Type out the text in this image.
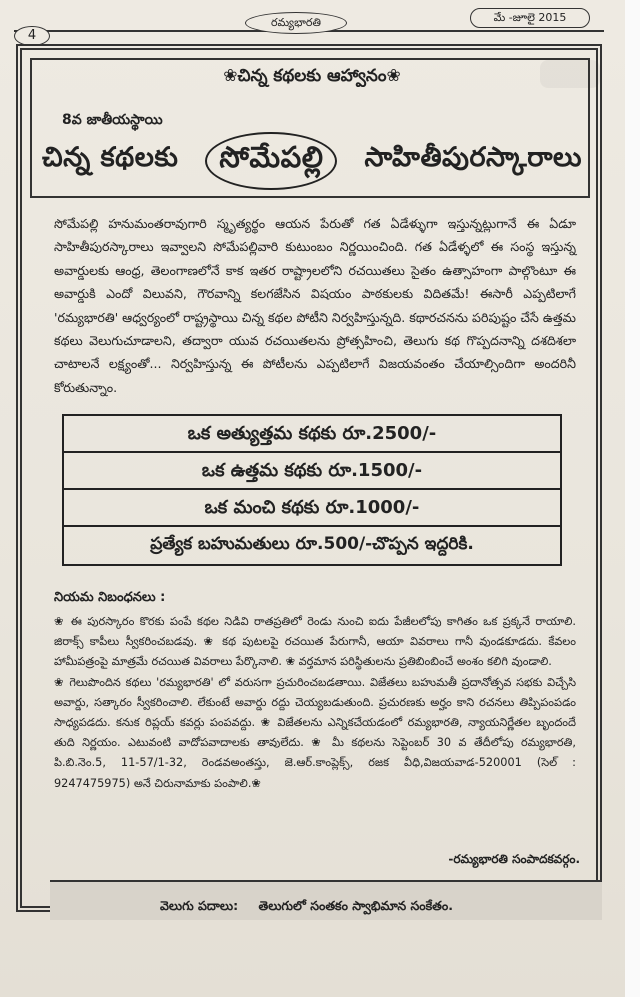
4
రమ్యభారతి	మే -జూలై 2015
❀చిన్న కథలకు ఆహ్వానం❀
8వ జాతీయస్థాయి
చిన్న కథలకు	సోమేపల్లి	సాహితీపురస్కారాలు
సోమేపల్లి హనుమంతరావుగారి స్మృత్యర్థం ఆయన పేరుతో గత ఏడేళ్ళుగా ఇస్తున్నట్లుగానే ఈ ఏడూ సాహితీపురస్కారాలు ఇవ్వాలని సోమేపల్లివారి కుటుంబం నిర్ణయించింది. గత ఏడేళ్ళలో ఈ సంస్థ ఇస్తున్న అవార్డులకు ఆంధ్ర, తెలంగాణలోనే కాక ఇతర రాష్ట్రాలలోని రచయితలు సైతం ఉత్సాహంగా పాల్గొంటూ ఈ అవార్డుకి ఎందో విలువని, గౌరవాన్ని కలగజేసిన విషయం పాఠకులకు విదితమే! ఈసారీ ఎప్పటిలాగే 'రమ్యభారతి' ఆధ్వర్యంలో రాష్ట్రస్థాయి చిన్న కథల పోటీని నిర్వహిస్తున్నది. కథారచనను పరిపుష్టం చేసే ఉత్తమ కథలు వెలుగుచూడాలని, తద్వారా యువ రచయితలను ప్రోత్సహించి, తెలుగు కథ గొప్పదనాన్ని దశదిశలా చాటాలనే లక్ష్యంతో... నిర్వహిస్తున్న ఈ పోటీలను ఎప్పటిలాగే విజయవంతం చేయాల్సిందిగా అందరినీ కోరుతున్నాం.
ఒక అత్యుత్తమ కథకు రూ.2500/-
ఒక ఉత్తమ కథకు రూ.1500/-
ఒక మంచి కథకు రూ.1000/-
ప్రత్యేక బహుమతులు రూ.500/-చొప్పన ఇద్దరికి.
నియమ నిబంధనలు :

❀ ఈ పురస్కారం కొరకు పంపే కథల నిడివి రాతప్రతిలో రెండు నుంచి ఐదు పేజీలలోపు కాగితం ఒక ప్రక్కనే రాయాలి. జిరాక్స్ కాపీలు స్వీకరించబడవు. ❀ కథ పుటలపై రచయిత పేరుగానీ, ఆయా వివరాలు గానీ వుండకూడదు. కేవలం హామీపత్రంపై మాత్రమే రచయిత వివరాలు పేర్కొనాలి. ❀ వర్తమాన పరిస్థితులను ప్రతిబింబించే అంశం కలిగి వుండాలి.

❀ గెలుపొందిన కథలు 'రమ్యభారతి' లో వరుసగా ప్రచురించబడతాయి. విజేతలు బహుమతీ ప్రదానోత్సవ సభకు విచ్చేసి అవార్డు, సత్కారం స్వీకరించాలి. లేకుంటే అవార్డు రద్దు చెయ్యబడుతుంది. ప్రచురణకు అర్హం కాని రచనలు తిప్పిపంపడం సాధ్యపడదు. కనుక రిప్లయ్ కవర్లు పంపవద్దు. ❀ విజేతలను ఎన్నికచేయడంలో రమ్యభారతి, న్యాయనిర్ణేతల బృందందే తుది నిర్ణయం. ఎటువంటి వాదోపవాదాలకు తావులేదు. ❀ మీ కథలను సెప్టెంబర్ 30 వ తేదీలోపు రమ్యభారతి, పి.బి.నెం.5, 11-57/1-32, రెండవఅంతస్తు, జె.ఆర్.కాంప్లెక్స్, రజక వీధి,విజయవాడ-520001 (సెల్ : 9247475975) అనే చిరునామాకు పంపాలి.❀

-రమ్యభారతి సంపాదకవర్గం.
వెలుగు పదాలు: తెలుగులో సంతకం స్వాభిమాన సంకేతం.
